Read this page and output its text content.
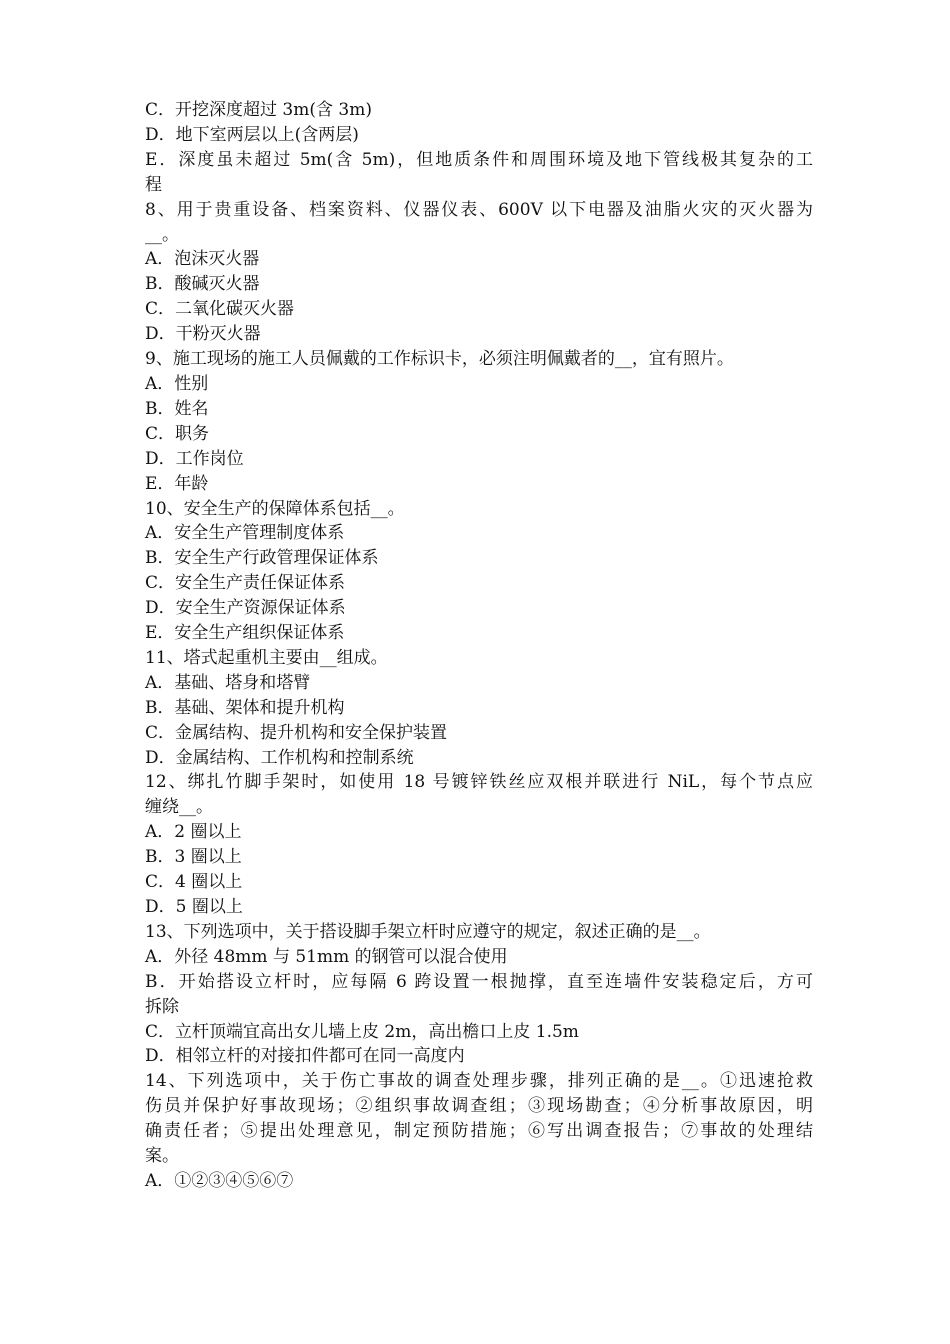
C．开挖深度超过 3m(含 3m)

D．地下室两层以上(含两层)

E．深度虽未超过 5m(含 5m)，但地质条件和周围环境及地下管线极其复杂的工

程

8、用于贵重设备、档案资料、仪器仪表、600V 以下电器及油脂火灾的灭火器为

__。

A．泡沫灭火器

B．酸碱灭火器

C．二氧化碳灭火器

D．干粉灭火器

9、施工现场的施工人员佩戴的工作标识卡，必须注明佩戴者的__，宜有照片。

A．性别

B．姓名

C．职务

D．工作岗位

E．年龄

10、安全生产的保障体系包括__。

A．安全生产管理制度体系

B．安全生产行政管理保证体系

C．安全生产责任保证体系

D．安全生产资源保证体系

E．安全生产组织保证体系

11、塔式起重机主要由__组成。

A．基础、塔身和塔臂

B．基础、架体和提升机构

C．金属结构、提升机构和安全保护装置

D．金属结构、工作机构和控制系统

12、绑扎竹脚手架时，如使用 18 号镀锌铁丝应双根并联进行 NiL，每个节点应

缠绕__。

A．2 圈以上

B．3 圈以上

C．4 圈以上

D．5 圈以上

13、下列选项中，关于搭设脚手架立杆时应遵守的规定，叙述正确的是__。

A．外径 48mm 与 51mm 的钢管可以混合使用

B．开始搭设立杆时，应每隔 6 跨设置一根抛撑，直至连墙件安装稳定后，方可

拆除

C．立杆顶端宜高出女儿墙上皮 2m，高出檐口上皮 1.5m

D．相邻立杆的对接扣件都可在同一高度内

14、下列选项中，关于伤亡事故的调查处理步骤，排列正确的是__。①迅速抢救

伤员并保护好事故现场；②组织事故调查组；③现场勘查；④分析事故原因，明

确责任者；⑤提出处理意见，制定预防措施；⑥写出调查报告；⑦事故的处理结

案。

A．①②③④⑤⑥⑦
